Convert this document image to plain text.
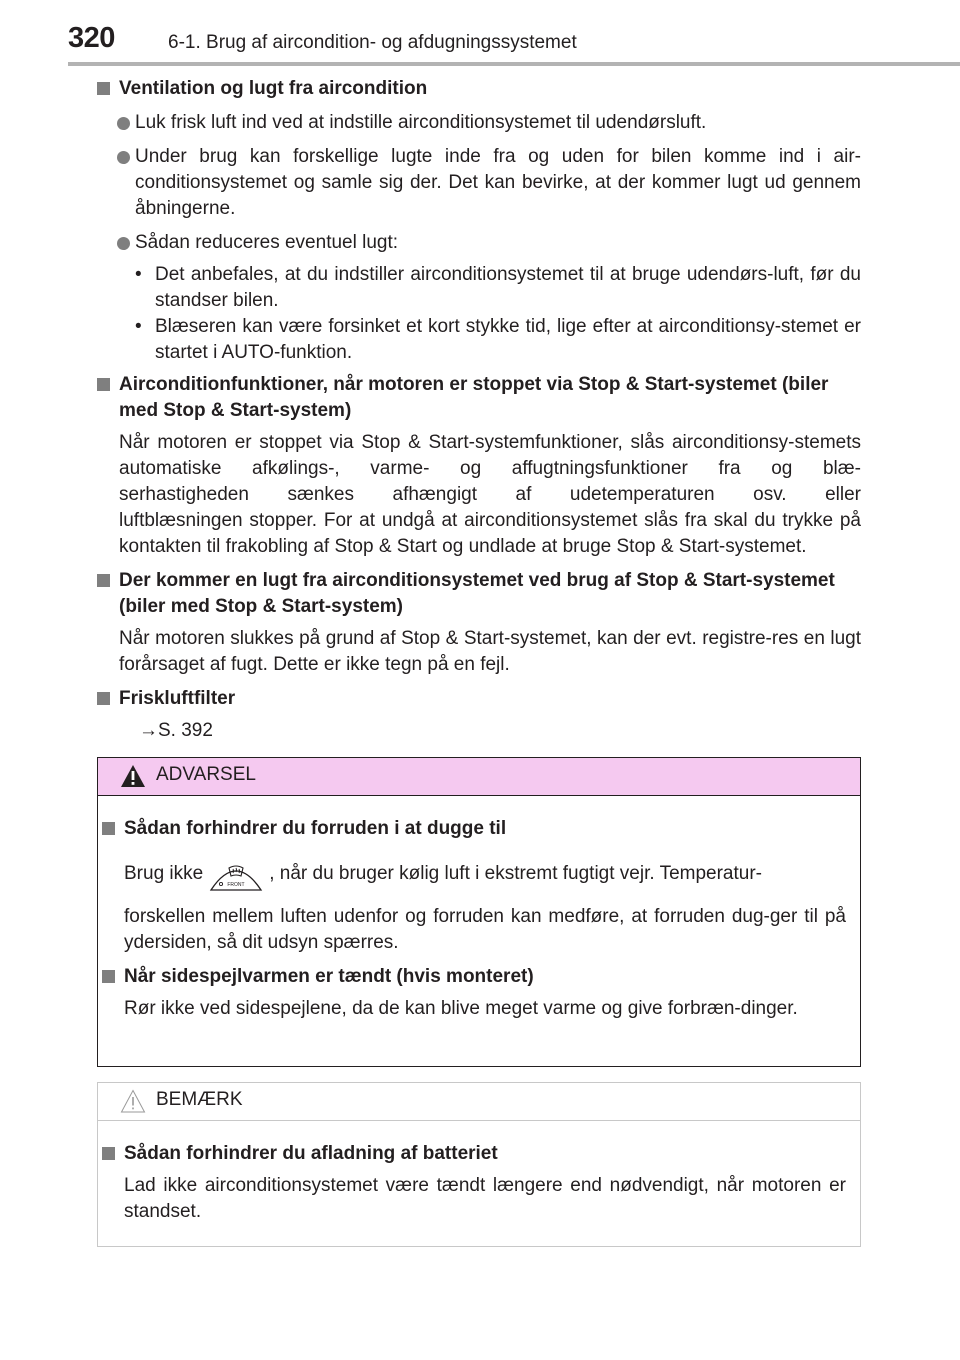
320	6-1. Brug af aircondition- og afdugningssystemet
Ventilation og lugt fra aircondition
Luk frisk luft ind ved at indstille airconditionsystemet til udendørsluft.
Under brug kan forskellige lugte inde fra og uden for bilen komme ind i air-conditionsystemet og samle sig der. Det kan bevirke, at der kommer lugt ud gennem åbningerne.
Sådan reduceres eventuel lugt:
• Det anbefales, at du indstiller airconditionsystemet til at bruge udendørs-luft, før du standser bilen.
• Blæseren kan være forsinket et kort stykke tid, lige efter at airconditionsy-stemet er startet i AUTO-funktion.
Airconditionfunktioner, når motoren er stoppet via Stop & Start-systemet (biler med Stop & Start-system)
Når motoren er stoppet via Stop & Start-systemfunktioner, slås airconditionsy-stemets automatiske afkølings-, varme- og affugtningsfunktioner fra og blæ-
serhastigheden sænkes afhængigt af udetemperaturen osv. eller
luftblæsningen stopper. For at undgå at airconditionsystemet slås fra skal du trykke på kontakten til frakobling af Stop & Start og undlade at bruge Stop & Start-systemet.
Der kommer en lugt fra airconditionsystemet ved brug af Stop & Start-systemet (biler med Stop & Start-system)
Når motoren slukkes på grund af Stop & Start-systemet, kan der evt. registre-res en lugt forårsaget af fugt. Dette er ikke tegn på en fejl.
Friskluftfilter
→S. 392
ADVARSEL
Sådan forhindrer du forruden i at dugge til
Brug ikke
FRONT
, når du bruger kølig luft i ekstremt fugtigt vejr. Temperatur-
forskellen mellem luften udenfor og forruden kan medføre, at forruden dug-ger til på ydersiden, så dit udsyn spærres.
Når sidespejlvarmen er tændt (hvis monteret)
Rør ikke ved sidespejlene, da de kan blive meget varme og give forbræn-dinger.
BEMÆRK
Sådan forhindrer du afladning af batteriet
Lad ikke airconditionsystemet være tændt længere end nødvendigt, når motoren er standset.
